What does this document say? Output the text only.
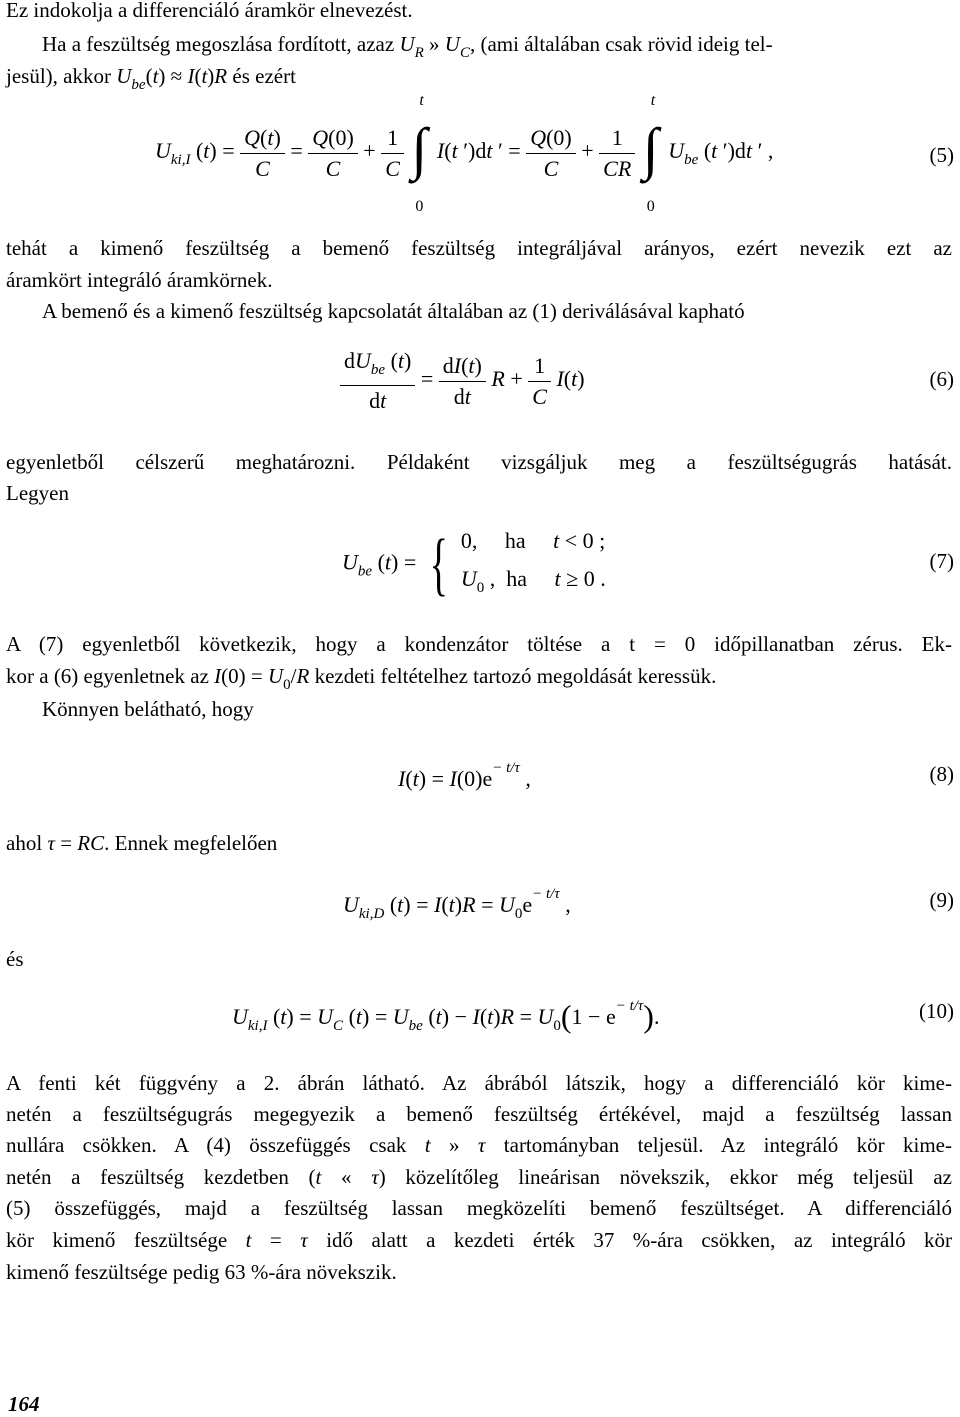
Ez indokolja a differenciáló áramkör elnevezést.
Ha a feszültség megoszlása fordított, azaz $U_R$ » $U_C$, (ami általában csak rövid ideig tel-
jesül), akkor $U_{be}(t) \approx I(t)R$ és ezért
$U_{ki,I}$ $(t) = \frac{Q(t)}{C} = \frac{Q(0)}{C} + \frac{1}{C}$

t
∫
0
I(t ′)dt ′ = $\frac{Q(0)}{C} + \frac{1}{CR}$

t
∫
0
$U_{be}$ (t ′)dt ′ ,	(5)
tehát a kimenő feszültség a bemenő feszültség integráljával arányos, ezért nevezik ezt az
áramkört integráló áramkörnek.
A bemenő és a kimenő feszültség kapcsolatát általában az (1) deriválásával kapható
$\frac{dU_{be} (t)}{dt} = \frac{dI(t)}{dt}$ $R + \frac{1}{C} I(t)$	(6)
egyenletből célszerű meghatározni. Példaként vizsgáljuk meg a feszültségugrás hatását.
Legyen
$U_{be}$ (t) = { 0,     ha t < 0 ;
$U_0$ ,  ha t ≥ 0 .
(7)
A (7) egyenletből következik, hogy a kondenzátor töltése a t = 0 időpillanatban zérus. Ek-
kor a (6) egyenletnek az $I(0) = U_0/R$ kezdeti feltételhez tartozó megoldását keressük.
Könnyen belátható, hogy
$I(t) = I(0)e^{- t/\tau}$ ,	(8)
ahol τ = RC. Ennek megfelelően
$U_{ki,D}$ $(t) = I(t)R = U_0e^{- t/\tau}$ ,	(9)
és
$U_{ki,I}$ $(t) = U_C$ $(t) = U_{be}$ $(t) - I(t)R = U_0(1 - e^{- t/\tau})$.	(10)
A fenti két függvény a 2. ábrán látható. Az ábrából látszik, hogy a differenciáló kör kime-
netén a feszültségugrás megegyezik a bemenő feszültség értékével, majd a feszültség lassan
nullára csökken. A (4) összefüggés csak t » τ tartományban teljesül. Az integráló kör kime-
netén a feszültség kezdetben (t « τ) közelítőleg lineárisan növekszik, ekkor még teljesül az
(5) összefüggés, majd a feszültség lassan megközelíti bemenő feszültséget. A differenciáló
kör kimenő feszültsége t = τ idő alatt a kezdeti érték 37 %-ára csökken, az integráló kör
kimenő feszültsége pedig 63 %-ára növekszik.
164
